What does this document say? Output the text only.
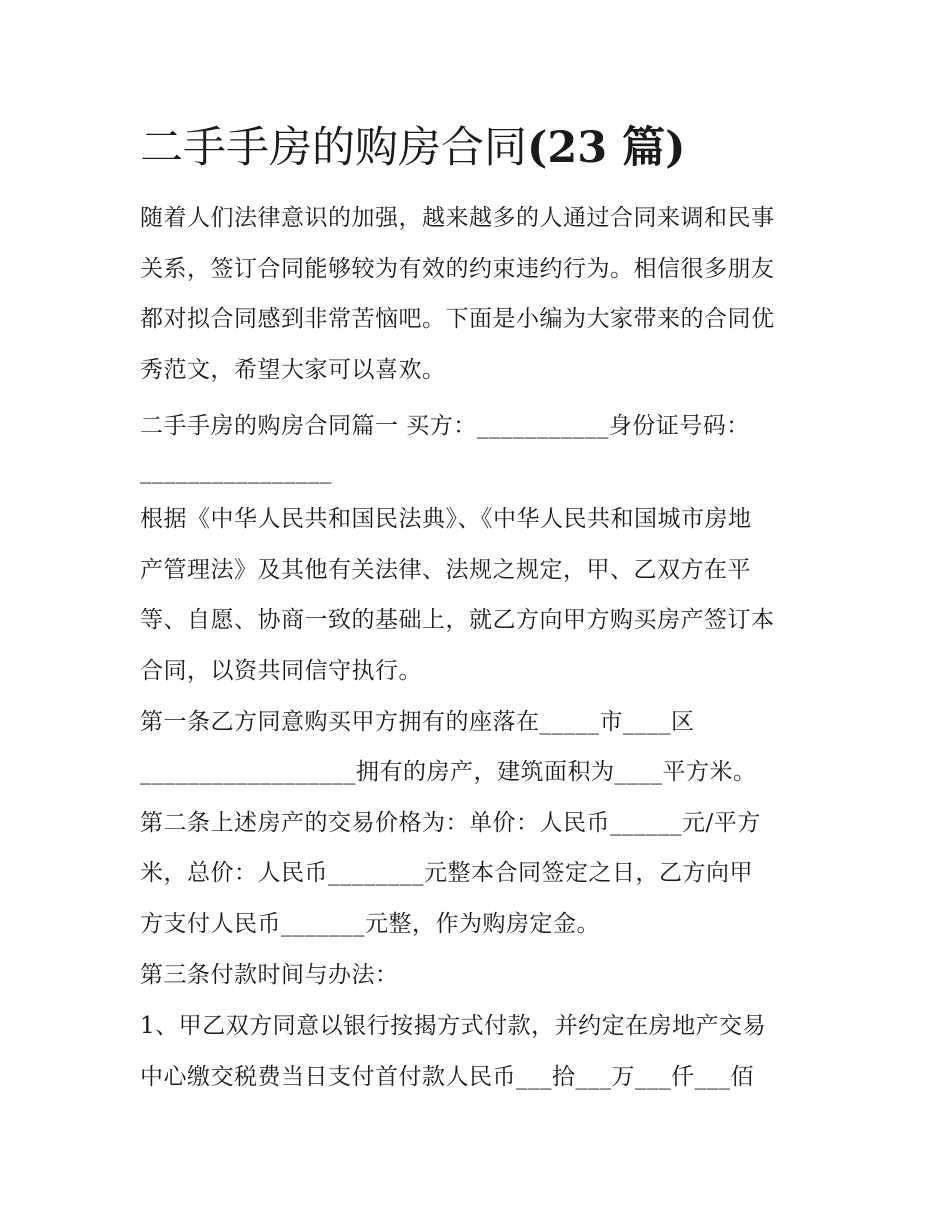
二手手房的购房合同(23 篇)

随着人们法律意识的加强，越来越多的人通过合同来调和民事

关系，签订合同能够较为有效的约束违约行为。相信很多朋友

都对拟合同感到非常苦恼吧。下面是小编为大家带来的合同优

秀范文，希望大家可以喜欢。

二手手房的购房合同篇一 买方：___________身份证号码：

________________

根据《中华人民共和国民法典》、《中华人民共和国城市房地

产管理法》及其他有关法律、法规之规定，甲、乙双方在平

等、自愿、协商一致的基础上，就乙方向甲方购买房产签订本

合同，以资共同信守执行。

第一条乙方同意购买甲方拥有的座落在_____市____区

__________________拥有的房产，建筑面积为____平方米。

第二条上述房产的交易价格为：单价：人民币______元/平方

米，总价：人民币________元整本合同签定之日，乙方向甲

方支付人民币_______元整，作为购房定金。

第三条付款时间与办法：

1、甲乙双方同意以银行按揭方式付款，并约定在房地产交易

中心缴交税费当日支付首付款人民币___拾___万___仟___佰
